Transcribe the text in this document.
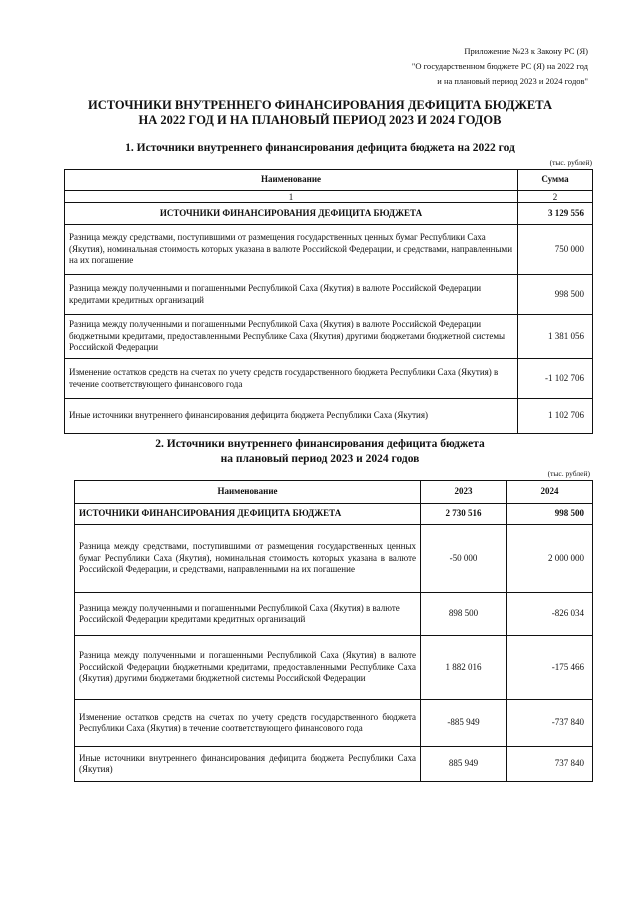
Приложение №23 к Закону РС (Я)
"О государственном бюджете РС (Я) на 2022 год
и на плановый период 2023 и 2024 годов"
ИСТОЧНИКИ ВНУТРЕННЕГО ФИНАНСИРОВАНИЯ ДЕФИЦИТА БЮДЖЕТА
НА 2022 ГОД И НА ПЛАНОВЫЙ ПЕРИОД 2023 И 2024 ГОДОВ
1. Источники внутреннего финансирования дефицита бюджета на 2022 год
(тыс. рублей)
Наименование	Сумма
1	2
ИСТОЧНИКИ ФИНАНСИРОВАНИЯ ДЕФИЦИТА БЮДЖЕТА	3 129 556
Разница между средствами, поступившими от размещения государственных ценных бумаг Республики Саха (Якутия), номинальная стоимость которых указана в валюте Российской Федерации, и средствами, направленными на их погашение	750 000
Разница между полученными и погашенными Республикой Саха (Якутия) в валюте Российской Федерации кредитами кредитных организаций	998 500
Разница между полученными и погашенными Республикой Саха (Якутия) в валюте Российской Федерации бюджетными кредитами, предоставленными Республике Саха (Якутия) другими бюджетами бюджетной системы Российской Федерации	1 381 056
Изменение остатков средств на счетах по учету средств государственного бюджета Республики Саха (Якутия) в течение соответствующего финансового года	-1 102 706
Иные источники внутреннего финансирования дефицита бюджета Республики Саха (Якутия)	1 102 706
2. Источники внутреннего финансирования дефицита бюджета
на плановый период 2023 и 2024 годов
(тыс. рублей)
Наименование	2023	2024
ИСТОЧНИКИ ФИНАНСИРОВАНИЯ ДЕФИЦИТА БЮДЖЕТА	2 730 516	998 500
Разница между средствами, поступившими от размещения государственных ценных бумаг Республики Саха (Якутия), номинальная стоимость которых указана в валюте Российской Федерации, и средствами, направленными на их погашение	-50 000	2 000 000
Разница между полученными и погашенными Республикой Саха (Якутия) в валюте Российской Федерации кредитами кредитных организаций	898 500	-826 034
Разница между полученными и погашенными Республикой Саха (Якутия) в валюте Российской Федерации бюджетными кредитами, предоставленными Республике Саха (Якутия) другими бюджетами бюджетной системы Российской Федерации	1 882 016	-175 466
Изменение остатков средств на счетах по учету средств государственного бюджета Республики Саха (Якутия) в течение соответствующего финансового года	-885 949	-737 840
Иные источники внутреннего финансирования дефицита бюджета Республики Саха (Якутия)	885 949	737 840
